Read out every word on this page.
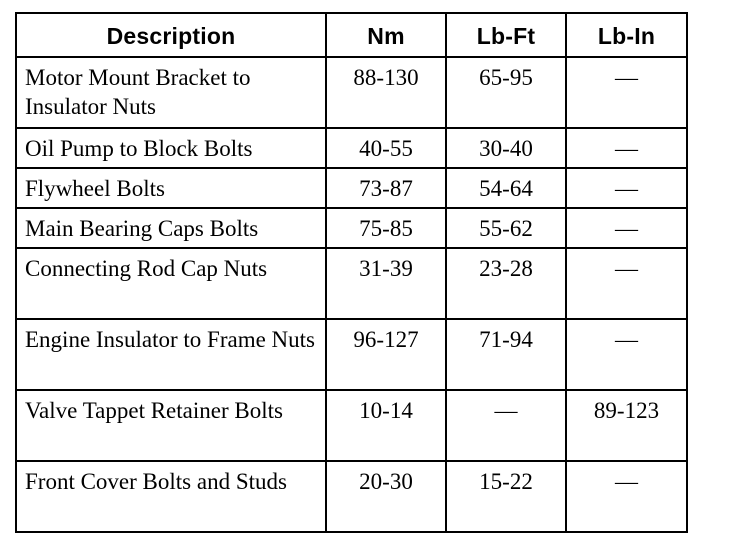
Description	Nm	Lb-Ft	Lb-In
Motor Mount Bracket to Insulator Nuts	88-130	65-95	—
Oil Pump to Block Bolts	40-55	30-40	—
Flywheel Bolts	73-87	54-64	—
Main Bearing Caps Bolts	75-85	55-62	—
Connecting Rod Cap Nuts	31-39	23-28	—
Engine Insulator to Frame Nuts	96-127	71-94	—
Valve Tappet Retainer Bolts	10-14	—	89-123
Front Cover Bolts and Studs	20-30	15-22	—
